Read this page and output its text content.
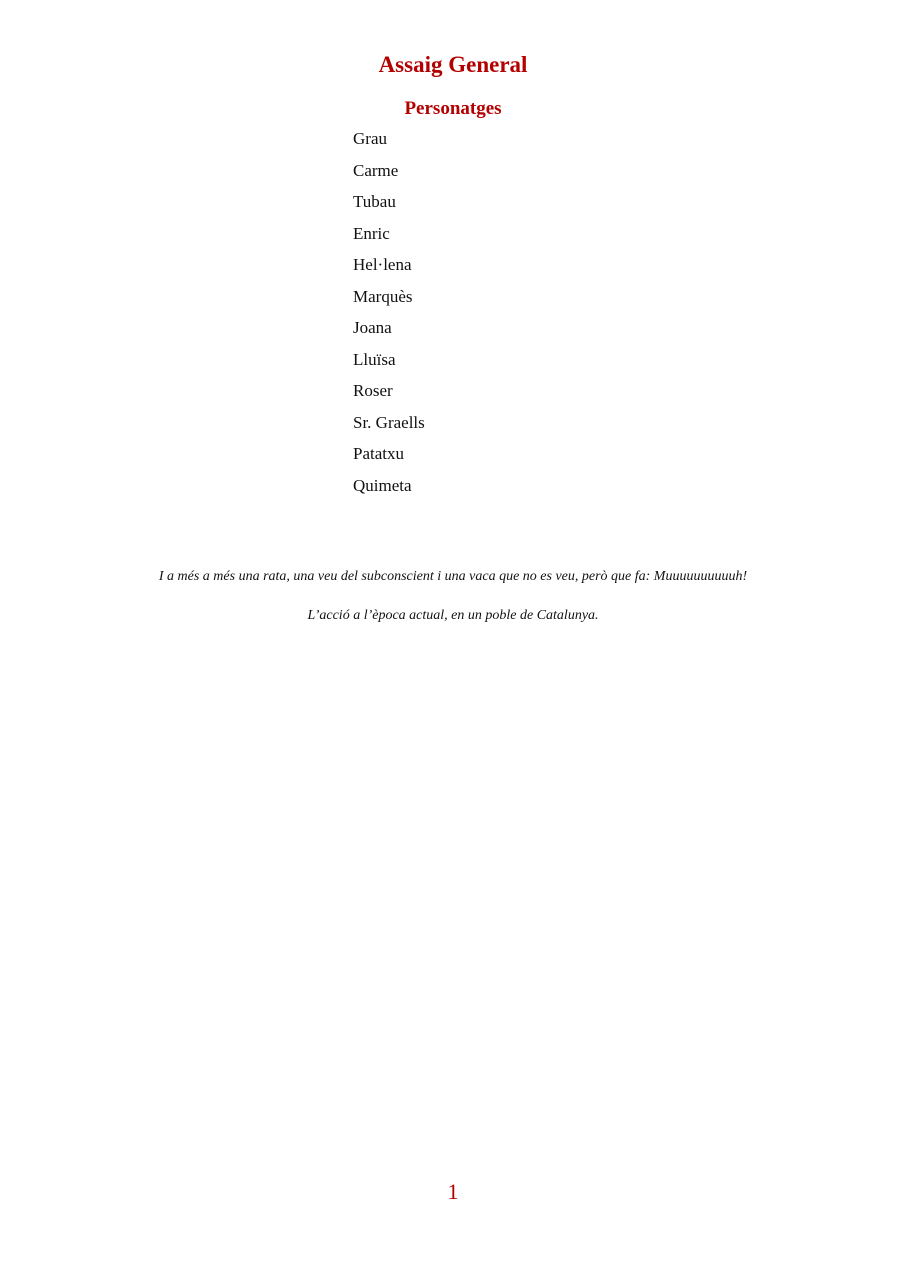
Assaig General
Personatges
Grau
Carme
Tubau
Enric
Hel·lena
Marquès
Joana
Lluïsa
Roser
Sr. Graells
Patatxu
Quimeta
I a més a més una rata, una veu del subconscient i una vaca que no es veu, però que fa: Muuuuuuuuuuh!
L’acció a l’època actual, en un poble de Catalunya.
1
